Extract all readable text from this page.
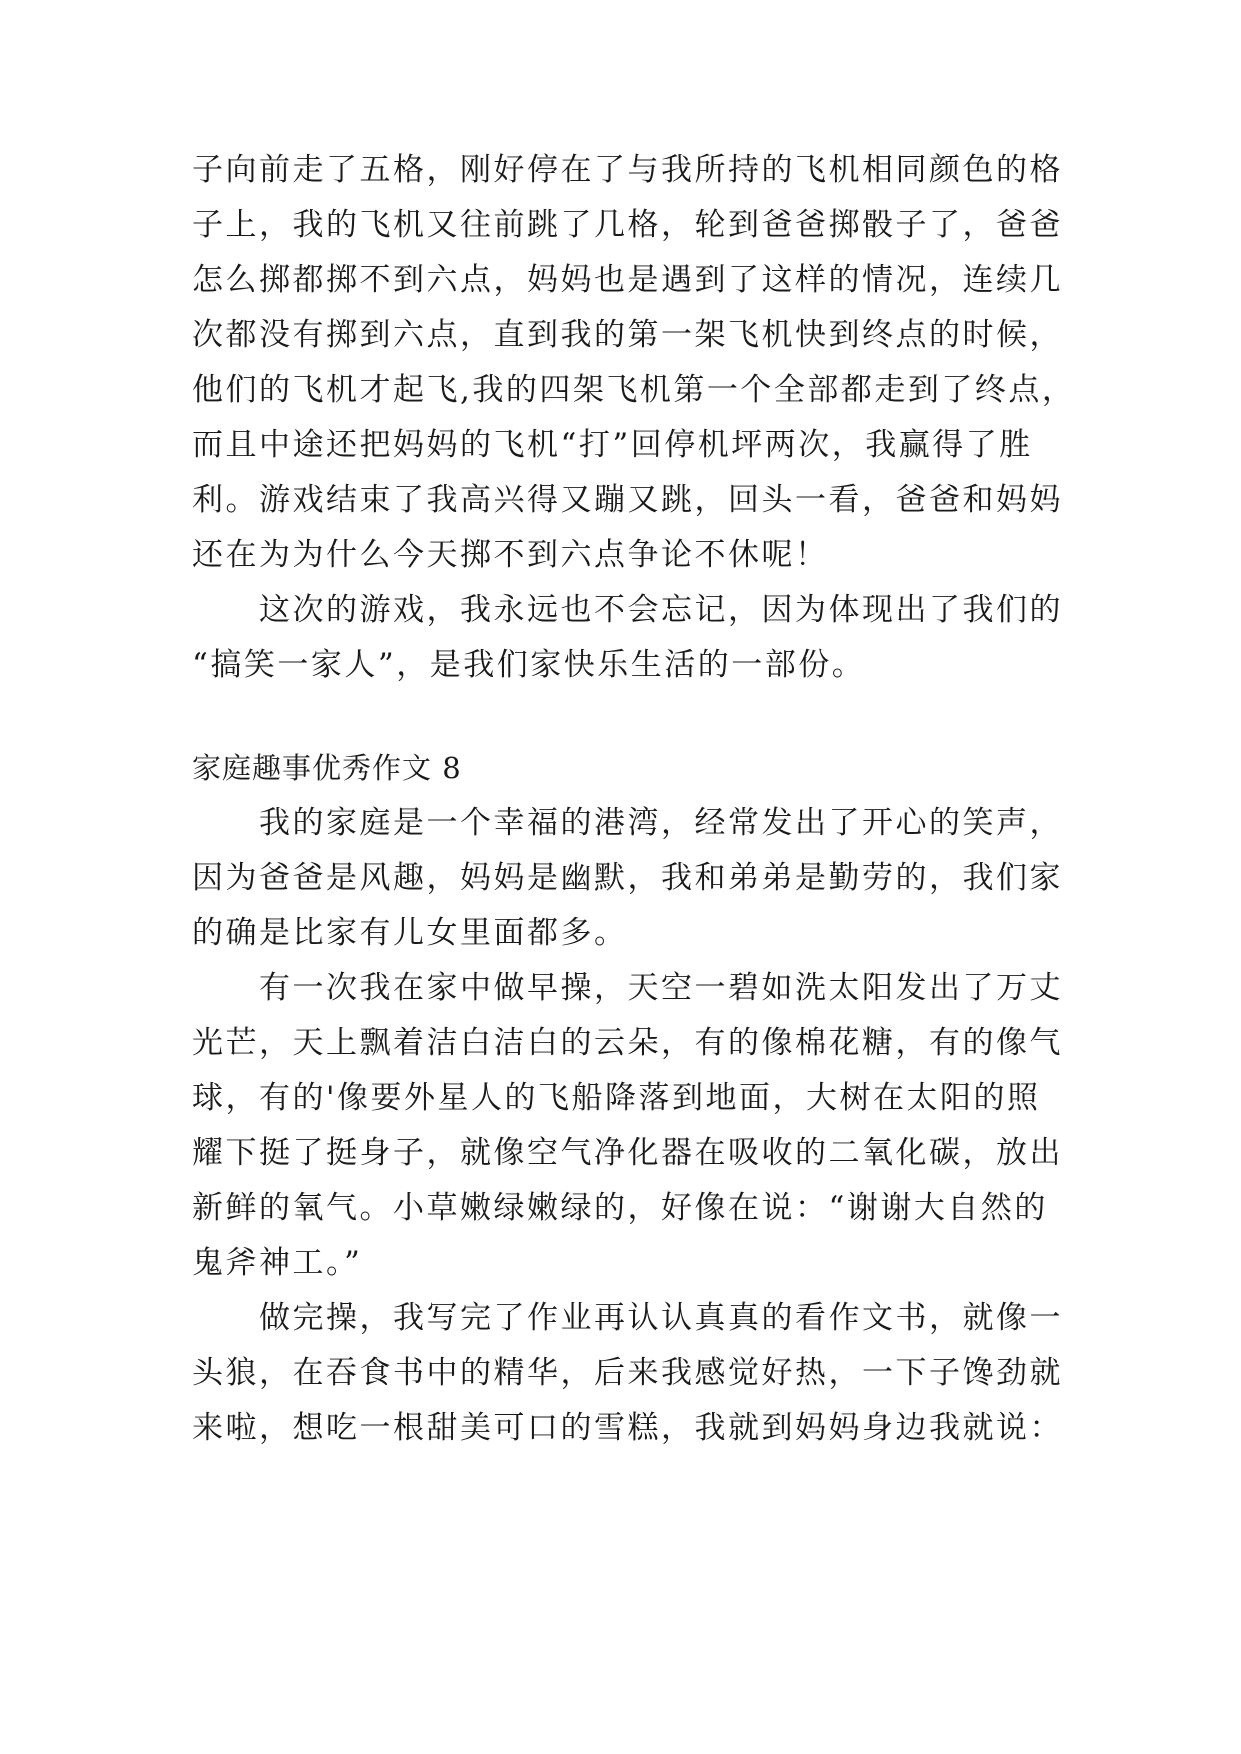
子向前走了五格，刚好停在了与我所持的飞机相同颜色的格
子上，我的飞机又往前跳了几格，轮到爸爸掷骰子了，爸爸
怎么掷都掷不到六点，妈妈也是遇到了这样的情况，连续几
次都没有掷到六点，直到我的第一架飞机快到终点的时候，
他们的飞机才起飞,我的四架飞机第一个全部都走到了终点，
而且中途还把妈妈的飞机“打”回停机坪两次，我赢得了胜
利。游戏结束了我高兴得又蹦又跳，回头一看，爸爸和妈妈
还在为为什么今天掷不到六点争论不休呢！
　　这次的游戏，我永远也不会忘记，因为体现出了我们的
“搞笑一家人”，是我们家快乐生活的一部份。
家庭趣事优秀作文 8
　　我的家庭是一个幸福的港湾，经常发出了开心的笑声，
因为爸爸是风趣，妈妈是幽默，我和弟弟是勤劳的，我们家
的确是比家有儿女里面都多。
　　有一次我在家中做早操，天空一碧如洗太阳发出了万丈
光芒，天上飘着洁白洁白的云朵，有的像棉花糖，有的像气
球，有的'像要外星人的飞船降落到地面，大树在太阳的照
耀下挺了挺身子，就像空气净化器在吸收的二氧化碳，放出
新鲜的氧气。小草嫩绿嫩绿的，好像在说：“谢谢大自然的
鬼斧神工。”
　　做完操，我写完了作业再认认真真的看作文书，就像一
头狼，在吞食书中的精华，后来我感觉好热，一下子馋劲就
来啦，想吃一根甜美可口的雪糕，我就到妈妈身边我就说：
